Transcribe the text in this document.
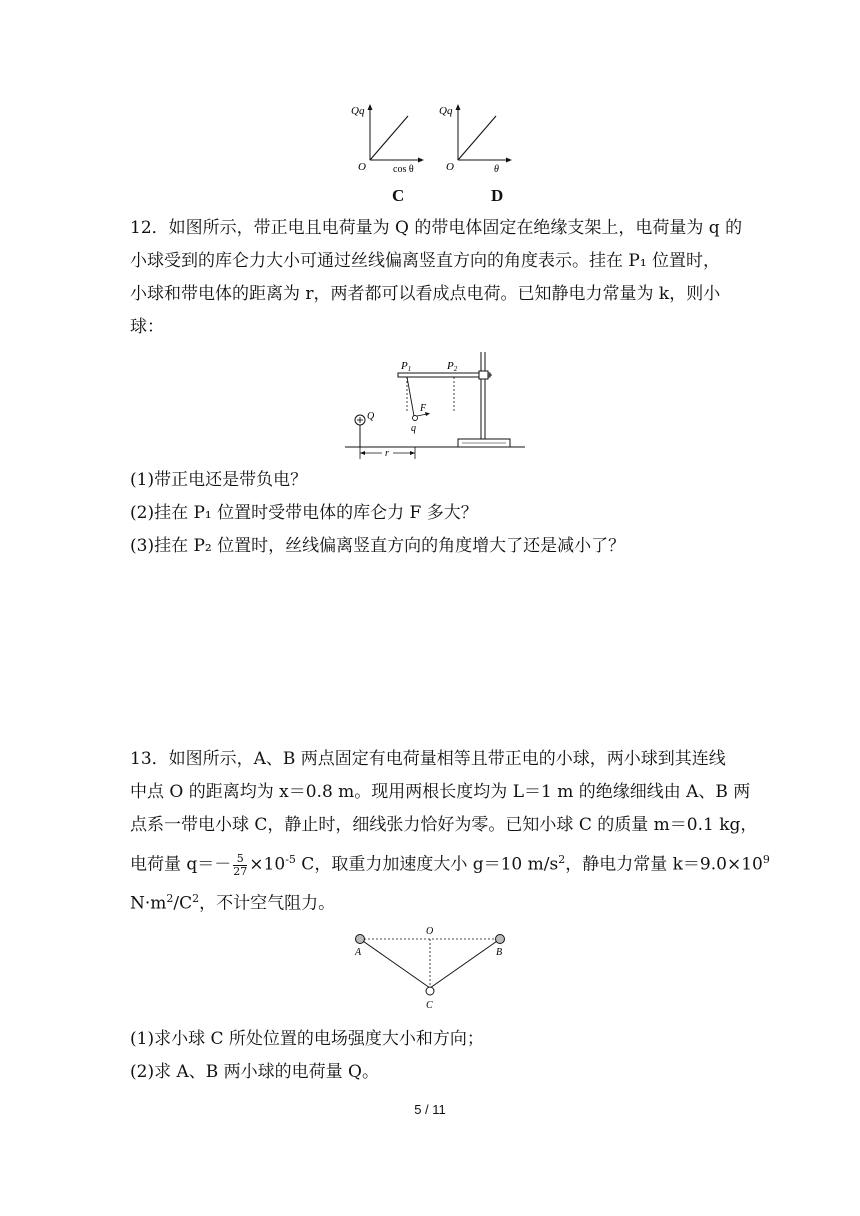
Qq
O	cos θ
Qq
O	θ
C	D
12．如图所示，带正电且电荷量为 Q 的带电体固定在绝缘支架上，电荷量为 q 的
小球受到的库仑力大小可通过丝线偏离竖直方向的角度表示。挂在 P₁ 位置时，
小球和带电体的距离为 r，两者都可以看成点电荷。已知静电力常量为 k，则小
球：
Q
P1	P2
F
q
r
(1)带正电还是带负电？
(2)挂在 P₁ 位置时受带电体的库仑力 F 多大？
(3)挂在 P₂ 位置时，丝线偏离竖直方向的角度增大了还是减小了？
13．如图所示，A、B 两点固定有电荷量相等且带正电的小球，两小球到其连线
中点 O 的距离均为 x＝0.8 m。现用两根长度均为 L＝1 m 的绝缘细线由 A、B 两
点系一带电小球 C，静止时，细线张力恰好为零。已知小球 C 的质量 m＝0.1 kg，
电荷量 $q=- \frac{5}{27} \times 10^{-5}$ C，取重力加速度大小 g＝10 $m/s^2$，静电力常量 $k=9.0\times 10^9$
$N\cdot m^2/C^2$，不计空气阻力。
O
A	B
C
(1)求小球 C 所处位置的电场强度大小和方向；
(2)求 A、B 两小球的电荷量 Q。
5 / 11
